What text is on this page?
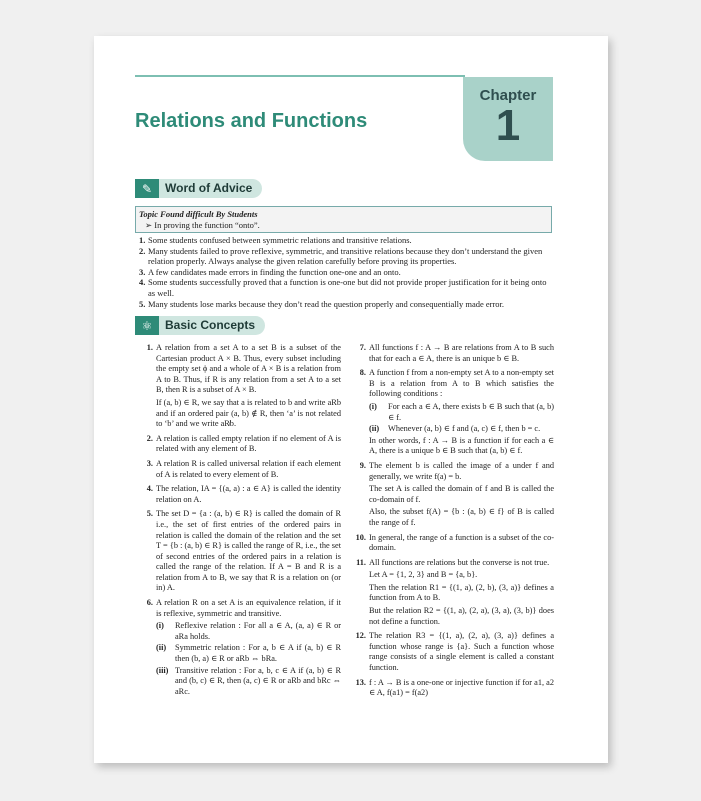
Chapter
1
Relations and Functions
✎	Word of Advice
Topic Found difficult By Students
➢ In proving the function “onto”.
1. Some students confused between symmetric relations and transitive relations.
2. Many students failed to prove reflexive, symmetric, and transitive relations because they don’t understand the given relation properly. Always analyse the given relation carefully before proving its properties.
3. A few candidates made errors in finding the function one-one and an onto.
4. Some students successfully proved that a function is one-one but did not provide proper justification for it being onto as well.
5. Many students lose marks because they don’t read the question properly and consequentially made error.
⚛	Basic Concepts
1. A relation from a set A to a set B is a subset of the Cartesian product A × B. Thus, every subset including the empty set ϕ and a whole of A × B is a relation from A to B. Thus, if R is any relation from a set A to a set B, then R is a subset of A × B.

If (a, b) ∈ R, we say that a is related to b and write aRb and if an ordered pair (a, b) ∉ R, then ‘a’ is not related to ‘b’ and we write aR̸b.

2. A relation is called empty relation if no element of A is related with any element of B.

3. A relation R is called universal relation if each element of A is related to every element of B.

4. The relation, IA = {(a, a) : a ∈ A} is called the identity relation on A.

5. The set D = {a : (a, b) ∈ R} is called the domain of R i.e., the set of first entries of the ordered pairs in relation is called the domain of the relation and the set T = {b : (a, b) ∈ R} is called the range of R, i.e., the set of second entries of the ordered pairs in a relation is called the range of the relation. If A = B and R is a relation from A to B, we say that R is a relation on (or in) A.

6. A relation R on a set A is an equivalence relation, if it is reflexive, symmetric and transitive.

(i)	Reflexive relation : For all a ∈ A, (a, a) ∈ R or aRa holds.
(ii)	Symmetric relation : For a, b ∈ A if (a, b) ∈ R then (b, a) ∈ R or aRb ⇔ bRa.
(iii) Transitive relation : For a, b, c ∈ A if (a, b) ∈ R and (b, c) ∈ R, then (a, c) ∈ R or aRb and bRc ⇔ aRc.
7. All functions f : A → B are relations from A to B such that for each a ∈ A, there is an unique b ∈ B.

8. A function f from a non-empty set A to a non-empty set B is a relation from A to B which satisfies the following conditions :

(i)	For each a ∈ A, there exists b ∈ B such that (a, b) ∈ f.
(ii)	Whenever (a, b) ∈ f and (a, c) ∈ f, then b = c.

In other words, f : A → B is a function if for each a ∈ A, there is a unique b ∈ B such that (a, b) ∈ f.

9. The element b is called the image of a under f and generally, we write f(a) = b.

The set A is called the domain of f and B is called the co-domain of f.

Also, the subset f(A) = {b : (a, b) ∈ f} of B is called the range of f.

10. In general, the range of a function is a subset of the co-domain.

11. All functions are relations but the converse is not true.

Let A = {1, 2, 3} and B = {a, b}.

Then the relation R1 = {(1, a), (2, b), (3, a)} defines a function from A to B.

But the relation R2 = {(1, a), (2, a), (3, a), (3, b)} does not define a function.

12. The relation R3 = {(1, a), (2, a), (3, a)} defines a function whose range is {a}. Such a function whose range consists of a single element is called a constant function.

13. f : A → B is a one-one or injective function if for a1, a2 ∈ A, f(a1) = f(a2)
